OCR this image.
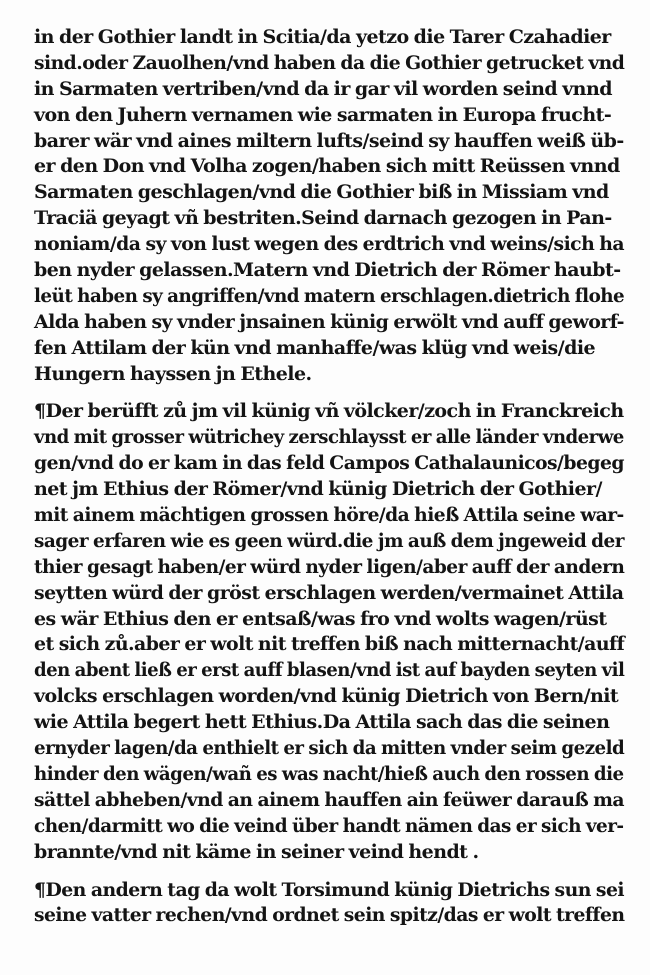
in der Gothier landt in Scitia/da yetzo die Tarer Czahadier
sind.oder Zauolhen/vnd haben da die Gothier getrucket vnd
in Sarmaten vertriben/vnd da ir gar vil worden seind vnnd
von den Juhern vernamen wie sarmaten in Europa frucht-
barer wär vnd aines miltern lufts/seind sy hauffen weiß üb-
er den Don vnd Volha zogen/haben sich mitt Reüssen vnnd
Sarmaten geschlagen/vnd die Gothier biß in Missiam vnd
Traciä geyagt vñ bestriten.Seind darnach gezogen in Pan-
noniam/da sy von lust wegen des erdtrich vnd weins/sich ha
ben nyder gelassen.Matern vnd Dietrich der Römer haubt-
leüt haben sy angriffen/vnd matern erschlagen.dietrich flohe
Alda haben sy vnder jnsainen künig erwölt vnd auff geworf-
fen Attilam der kün vnd manhaffe/was klüg vnd weis/die
Hungern hayssen jn Ethele.
¶Der berüfft zů jm vil künig vñ völcker/zoch in Franckreich
vnd mit grosser wütrichey zerschlaysst er alle länder vnderwe
gen/vnd do er kam in das feld Campos Cathalaunicos/begeg
net jm Ethius der Römer/vnd künig Dietrich der Gothier/
mit ainem mächtigen grossen höre/da hieß Attila seine war-
sager erfaren wie es geen würd.die jm auß dem jngeweid der
thier gesagt haben/er würd nyder ligen/aber auff der andern
seytten würd der gröst erschlagen werden/vermainet Attila
es wär Ethius den er entsaß/was fro vnd wolts wagen/rüst
et sich zů.aber er wolt nit treffen biß nach mitternacht/auff
den abent ließ er erst auff blasen/vnd ist auf bayden seyten vil
volcks erschlagen worden/vnd künig Dietrich von Bern/nit
wie Attila begert hett Ethius.Da Attila sach das die seinen
ernyder lagen/da enthielt er sich da mitten vnder seim gezeld
hinder den wägen/wañ es was nacht/hieß auch den rossen die
sättel abheben/vnd an ainem hauffen ain feüwer darauß ma
chen/darmitt wo die veind über handt nämen das er sich ver-
brannte/vnd nit käme in seiner veind hendt .
¶Den andern tag da wolt Torsimund künig Dietrichs sun sei
seine vatter rechen/vnd ordnet sein spitz/das er wolt treffen
